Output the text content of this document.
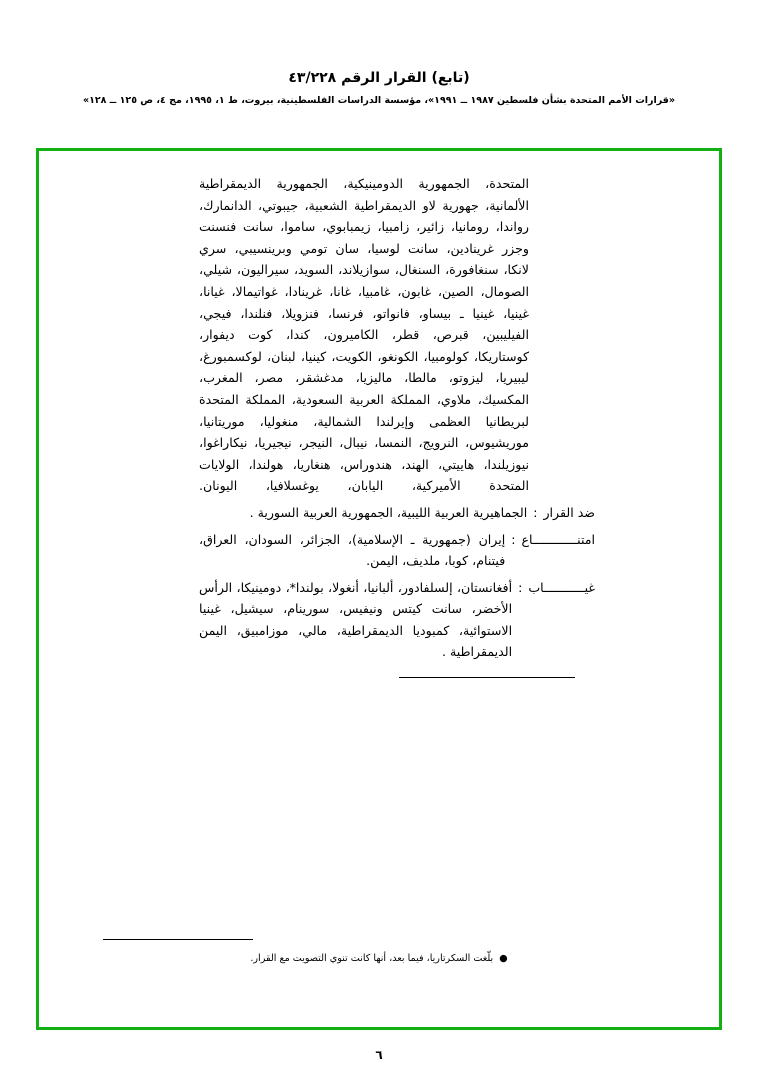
(تابع) القرار الرقم ٤٣/٢٢٨
«قرارات الأمم المتحدة بشأن فلسطين ١٩٨٧ ــ ١٩٩١»، مؤسسة الدراسات الفلسطينية، بيروت، ط ١، ١٩٩٥، مج ٤، ص ١٢٥ ــ ١٢٨»
المتحدة، الجمهورية الدومينيكية، الجمهورية الديمقراطية الألمانية، جهورية لاو الديمقراطية الشعبية، جيبوتي، الدانمارك، رواندا، رومانيا، زائير، زامبيا، زيمبابوي، ساموا، سانت فنسنت وجزر غرينادين، سانت لوسيا، سان تومي وبرينسيبي، سري لانكا، سنغافورة، السنغال، سوازيلاند، السويد، سيراليون، شيلي، الصومال، الصين، غابون، غامبيا، غانا، غرينادا، غواتيمالا، غيانا، غينيا، غينيا ـ بيساو، فانواتو، فرنسا، فنزويلا، فنلندا، فيجي، الفيليبين، قبرص، قطر، الكاميرون، كندا، كوت ديفوار، كوستاريكا، كولومبيا، الكونغو، الكويت، كينيا، لبنان، لوكسمبورغ، ليبيريا، ليزوتو، مالطا، ماليزيا، مدغشقر، مصر، المغرب، المكسيك، ملاوي، المملكة العربية السعودية، المملكة المتحدة لبريطانيا العظمى وإيرلندا الشمالية، منغوليا، موريتانيا، موريشيوس، النرويج، النمسا، نيبال، النيجر، نيجيريا، نيكاراغوا، نيوزيلندا، هاييتي، الهند، هندوراس، هنغاريا، هولندا، الولايات المتحدة الأميركية، اليابان، يوغسلافيا، اليونان.
ضد القرار
:
الجماهيرية العربية الليبية، الجمهورية العربية السورية .
امتنــــــــــــاع
:
إيران (جمهورية ـ الإسلامية)، الجزائر، السودان، العراق، فيتنام، كوبا، ملديف، اليمن.
غيـــــــــــاب
:
أفغانستان، إلسلفادور، ألبانيا، أنغولا، بولندا*، دومينيكا، الرأس الأخضر، سانت كيتس ونيفيس، سورينام، سيشيل، غينيا الاستوائية، كمبوديا الديمقراطية، مالي، موزامبيق، اليمن الديمقراطية .
●بلّغت السكرتاريا، فيما بعد، أنها كانت تنوي التصويت مع القرار.
٦
